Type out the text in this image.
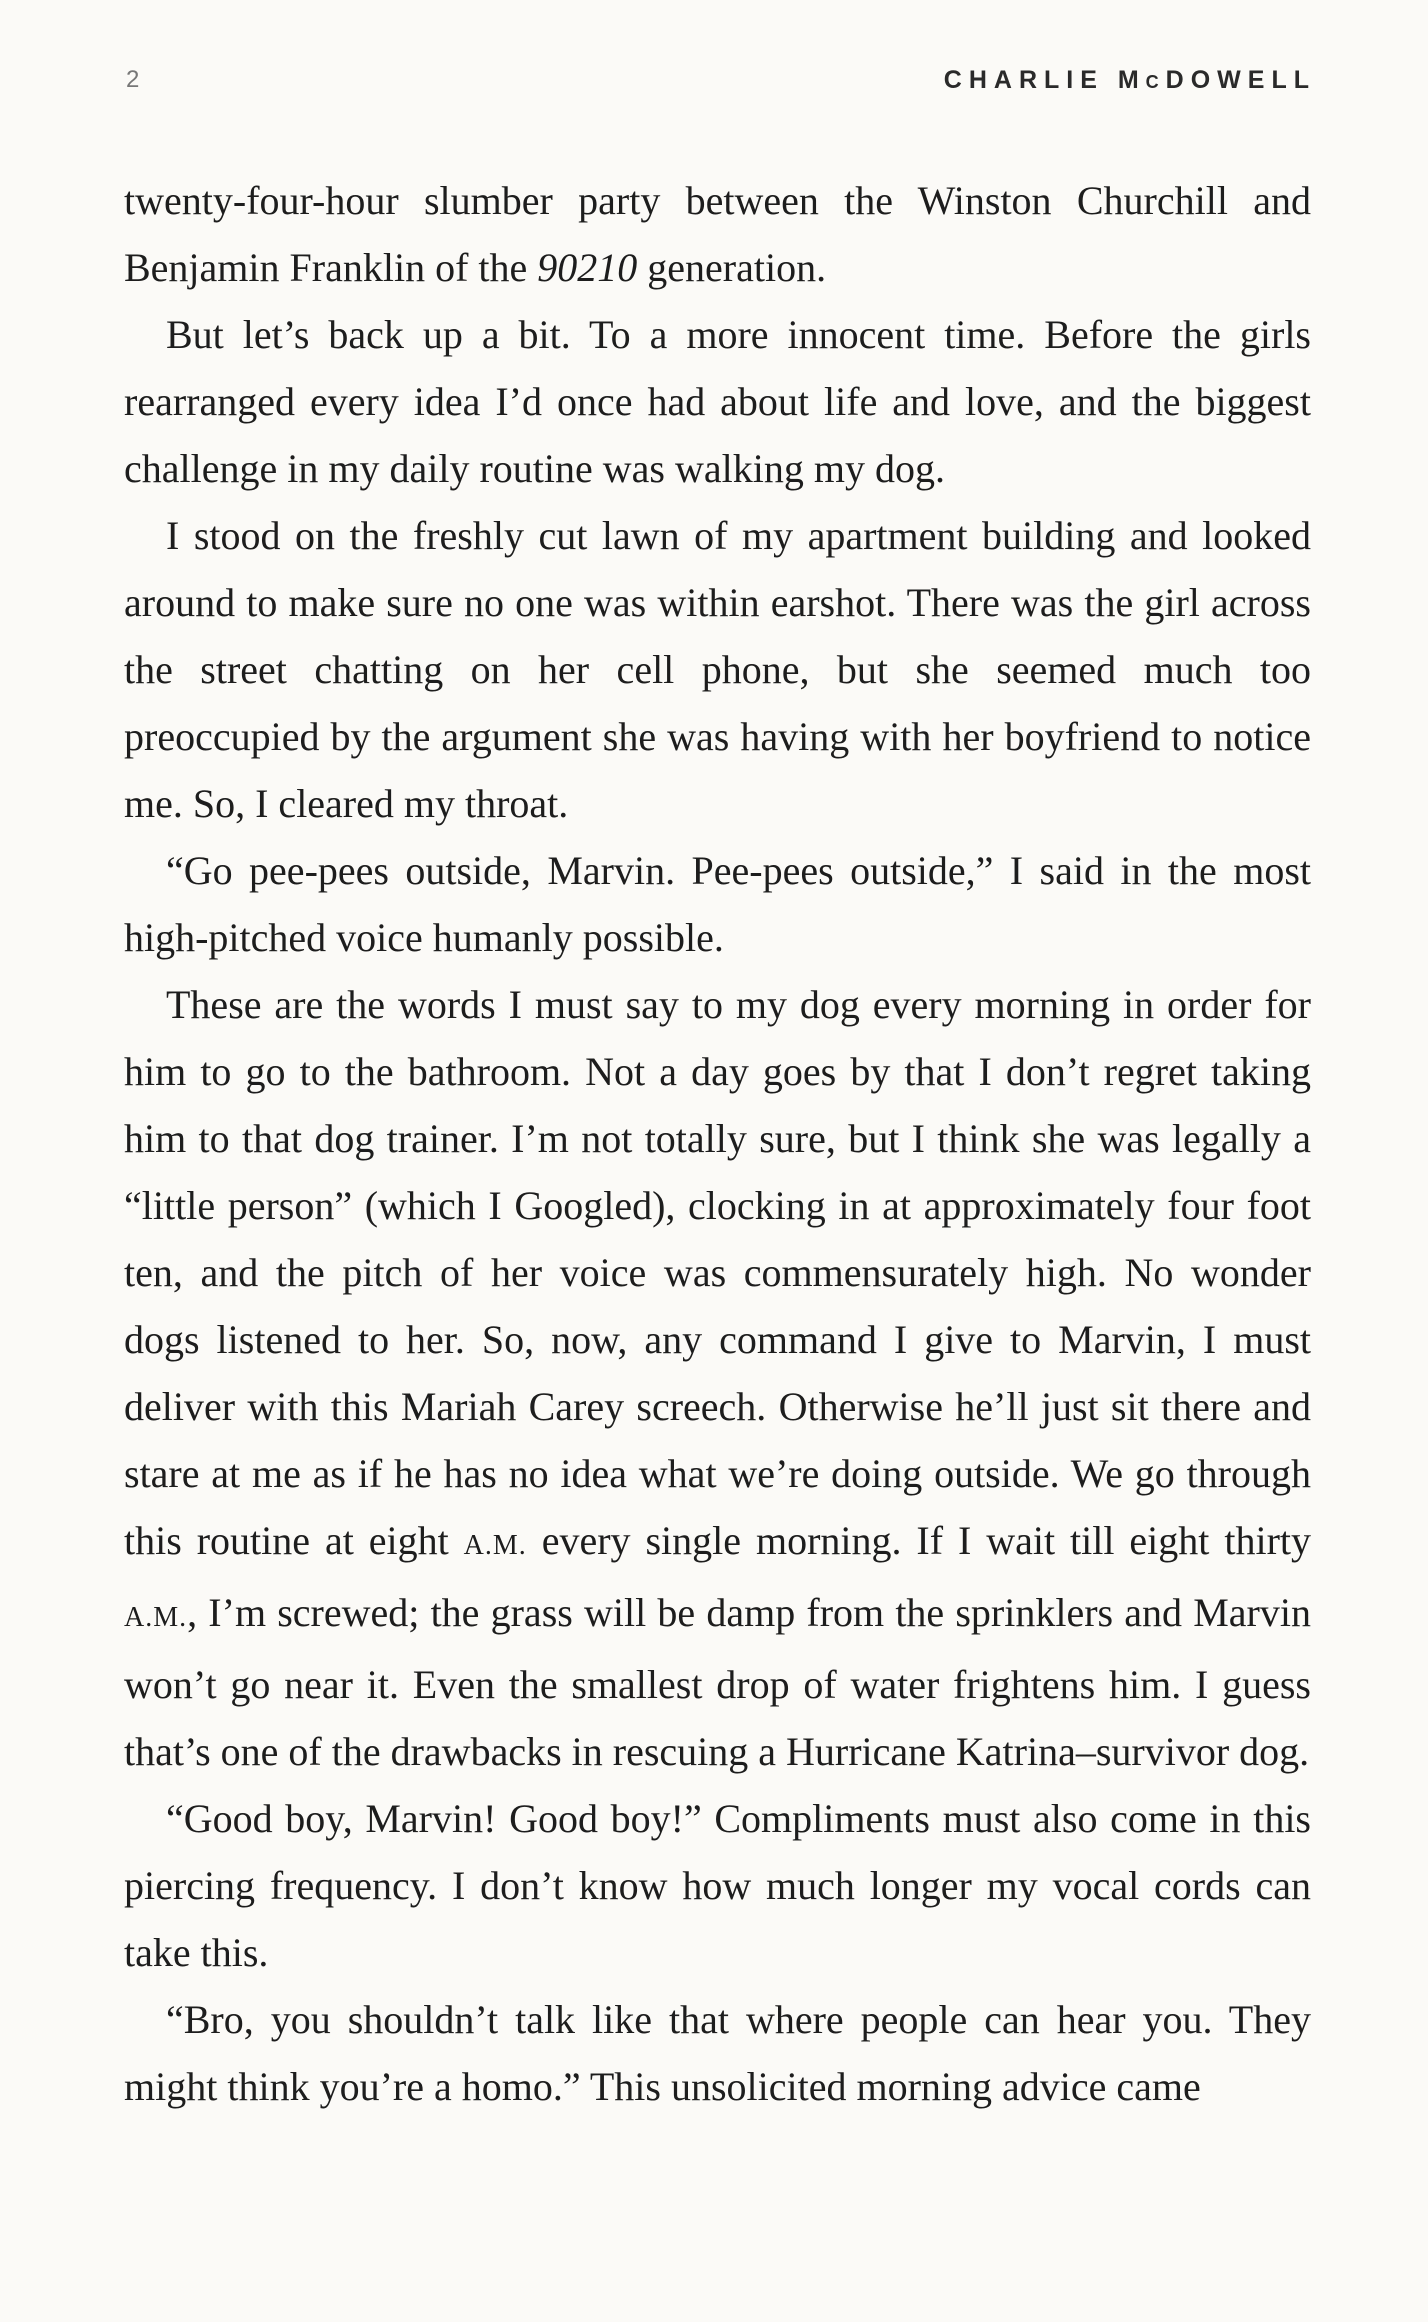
2	CHARLIE MCDOWELL

twenty-four-hour slumber party between the Winston Churchill and Benjamin Franklin of the 90210 generation.

But let’s back up a bit. To a more innocent time. Before the girls rearranged every idea I’d once had about life and love, and the biggest challenge in my daily routine was walking my dog.

I stood on the freshly cut lawn of my apartment building and looked around to make sure no one was within earshot. There was the girl across the street chatting on her cell phone, but she seemed much too preoccupied by the argument she was having with her boyfriend to notice me. So, I cleared my throat.

“Go pee-pees outside, Marvin. Pee-pees outside,” I said in the most high-pitched voice humanly possible.

These are the words I must say to my dog every morning in order for him to go to the bathroom. Not a day goes by that I don’t regret taking him to that dog trainer. I’m not totally sure, but I think she was legally a “little person” (which I Googled), clocking in at approximately four foot ten, and the pitch of her voice was commensurately high. No wonder dogs listened to her. So, now, any command I give to Marvin, I must deliver with this Mariah Carey screech. Otherwise he’ll just sit there and stare at me as if he has no idea what we’re doing outside. We go through this routine at eight A.M. every single morning. If I wait till eight thirty A.M., I’m screwed; the grass will be damp from the sprinklers and Marvin won’t go near it. Even the smallest drop of water frightens him. I guess that’s one of the drawbacks in rescuing a Hurricane Katrina–survivor dog.

“Good boy, Marvin! Good boy!” Compliments must also come in this piercing frequency. I don’t know how much longer my vocal cords can take this.

“Bro, you shouldn’t talk like that where people can hear you. They might think you’re a homo.” This unsolicited morning advice came
